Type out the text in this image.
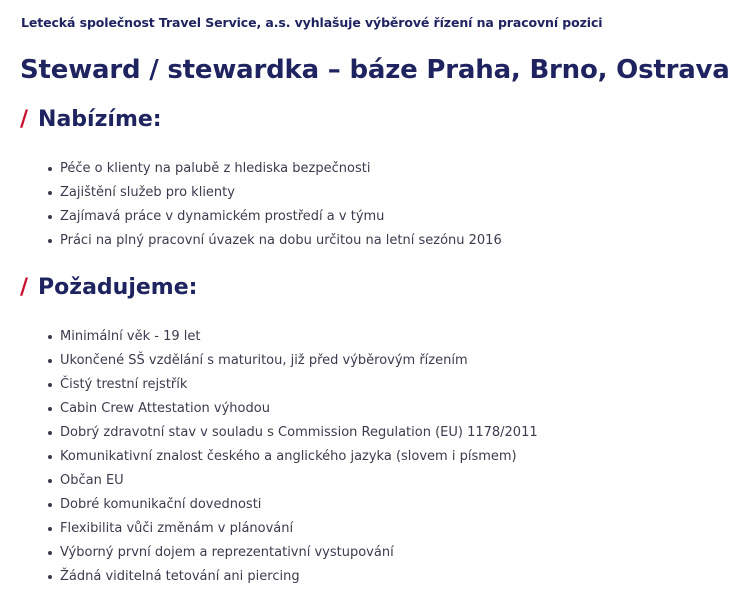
Letecká společnost Travel Service, a.s. vyhlašuje výběrové řízení na pracovní pozici
Steward / stewardka – báze Praha, Brno, Ostrava
/ Nabízíme:
Péče o klienty na palubě z hlediska bezpečnosti
Zajištění služeb pro klienty
Zajímavá práce v dynamickém prostředí a v týmu
Práci na plný pracovní úvazek na dobu určitou na letní sezónu 2016
/ Požadujeme:
Minimální věk - 19 let
Ukončené SŠ vzdělání s maturitou, již před výběrovým řízením
Čistý trestní rejstřík
Cabin Crew Attestation výhodou
Dobrý zdravotní stav v souladu s Commission Regulation (EU) 1178/2011
Komunikativní znalost českého a anglického jazyka (slovem i písmem)
Občan EU
Dobré komunikační dovednosti
Flexibilita vůči změnám v plánování
Výborný první dojem a reprezentativní vystupování
Žádná viditelná tetování ani piercing
